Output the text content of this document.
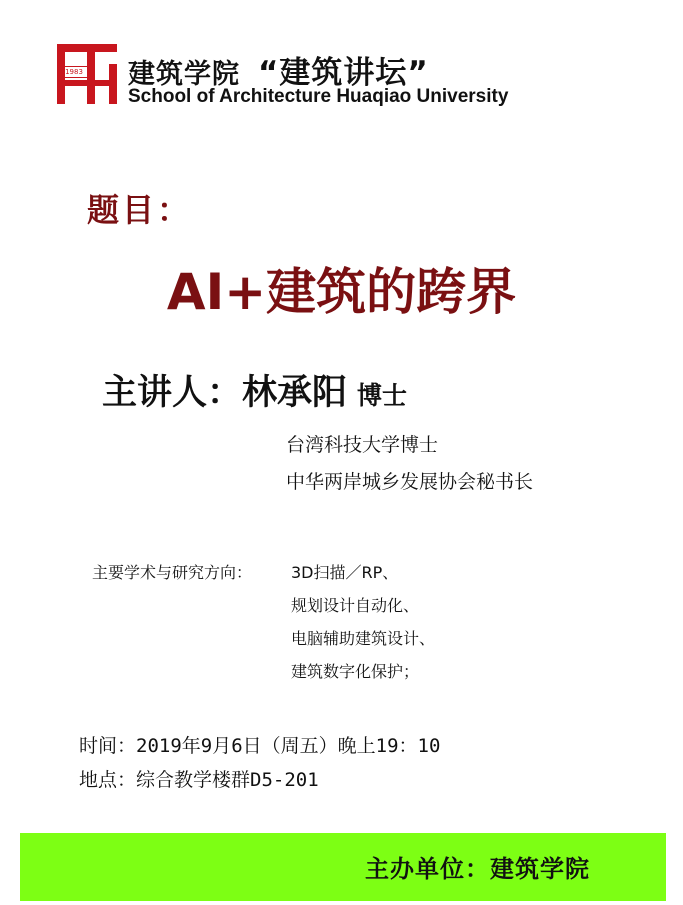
1983 建筑学院 “建筑讲坛”
School of Architecture Huaqiao University
题目：
AI+建筑的跨界
主讲人：林承阳 博士
台湾科技大学博士
中华两岸城乡发展协会秘书长
主要学术与研究方向： 3D扫描／RP、
规划设计自动化、
电脑辅助建筑设计、
建筑数字化保护；
时间：2019年9月6日（周五）晚上19：10
地点：综合教学楼群D5-201
主办单位：建筑学院
